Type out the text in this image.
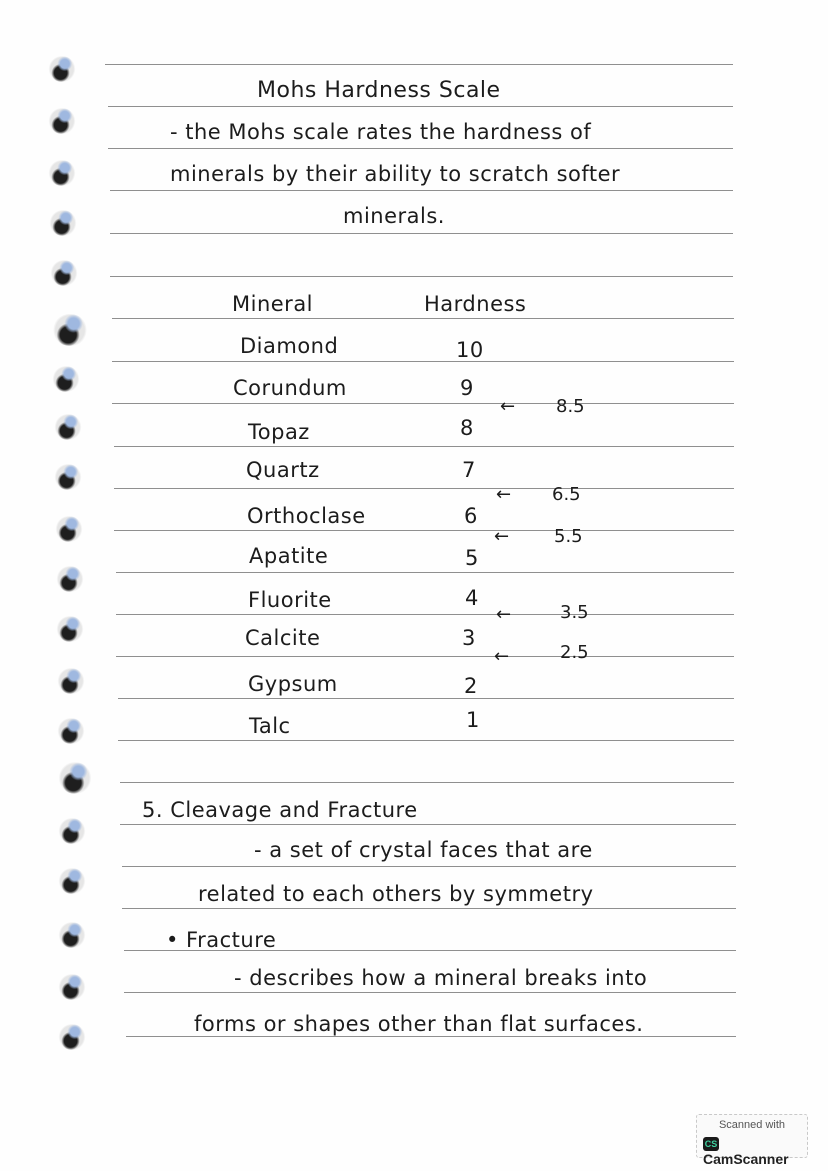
Mohs Hardness Scale
- the Mohs scale rates the hardness of
minerals by their ability to scratch softer
minerals.
Mineral	Hardness
Diamond	10
Corundum	9
Topaz	8
Quartz	7
Orthoclase	6
Apatite	5
Fluorite	4
Calcite	3
Gypsum	2
Talc	1
← 8.5
← 6.5
← 5.5
←	3.5
←	2.5
5. Cleavage and Fracture
- a set of crystal faces that are
related to each others by symmetry
• Fracture
- describes how a mineral breaks into
forms or shapes other than flat surfaces.
Scanned with
CSCamScanner
